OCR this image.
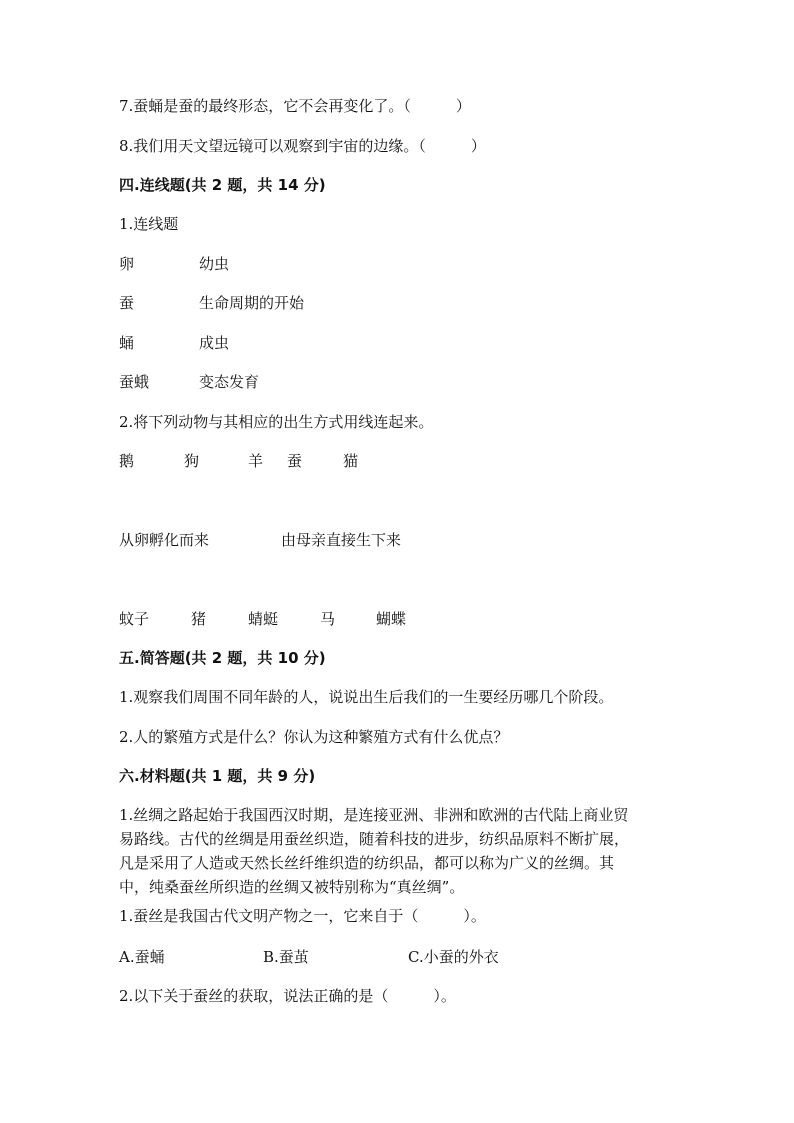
7.蚕蛹是蚕的最终形态，它不会再变化了。（　　　）
8.我们用天文望远镜可以观察到宇宙的边缘。（　　　）
四.连线题(共 2 题，共 14 分)
1.连线题
卵	幼虫
蚕	生命周期的开始
蛹	成虫
蚕蛾	变态发育
2.将下列动物与其相应的出生方式用线连起来。
鹅	狗	羊 蚕	猫
从卵孵化而来	由母亲直接生下来
蚊子	猪	蜻蜓	马	蝴蝶
五.简答题(共 2 题，共 10 分)
1.观察我们周围不同年龄的人，说说出生后我们的一生要经历哪几个阶段。
2.人的繁殖方式是什么？你认为这种繁殖方式有什么优点？
六.材料题(共 1 题，共 9 分)
1.丝绸之路起始于我国西汉时期，是连接亚洲、非洲和欧洲的古代陆上商业贸
易路线。古代的丝绸是用蚕丝织造，随着科技的进步，纺织品原料不断扩展，
凡是采用了人造或天然长丝纤维织造的纺织品，都可以称为广义的丝绸。其
中，纯桑蚕丝所织造的丝绸又被特别称为“真丝绸”。
1.蚕丝是我国古代文明产物之一，它来自于（　　　）。
A.蚕蛹	B.蚕茧	C.小蚕的外衣
2.以下关于蚕丝的获取，说法正确的是（　　　）。
